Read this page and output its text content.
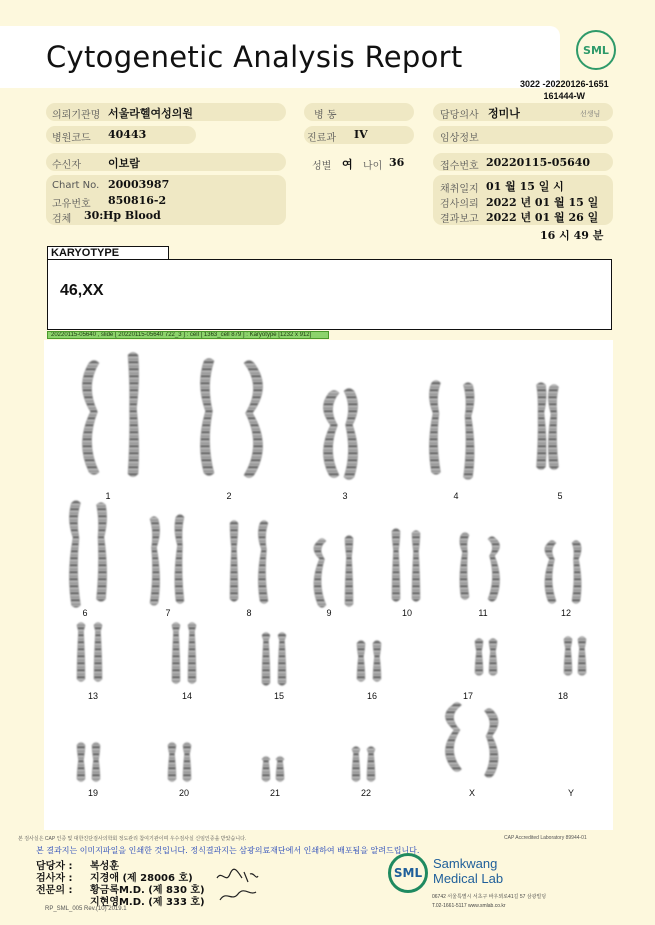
Cytogenetic Analysis Report	SML
3022 -20220126-1651
161444-W
의뢰기관명 서울라헬여성의원	병 동	담당의사 정미나	선생님
병원코드 40443	진료과 IV	임상정보
수신자 이보람	성별 여 나이 36	접수번호 20220115-05640
Chart No. 20003987
고유번호 850816-2
검체 30: Hp Blood
채취일지 01 월 15 일 시
검사의뢰 2022 년 01 월 15 일
결과보고 2022 년 01 월 26 일
16 시 49 분
KARYOTYPE
46,XX
20220115-05640 , slide [ 20220115-05640 722_3 ] : cell [ 1363_cell 879 ] : Karyotype [1232 x 912]
1	2	3	4	5
6	7	8	9	10	11	12
13	14	15	16	17	18
19	20	21	22	X	Y
본 검사실은 CAP 인증 및 대한진단검사의학회 정도관리 참여기관이며 우수검사실 신임인증을 받았습니다.	CAP Accredited Laboratory 89944-01
본 결과지는 이미지파일을 인쇄한 것입니다. 정식결과지는 삼광의료재단에서 인쇄하여 배포됨을 알려드립니다.
담당자 : 복성훈
검사자 : 지경애 (제 28006 호)
전문의 : 황금록M.D. (제 830 호)
지현영M.D. (제 333 호)
SML
Samkwang
Medical Lab
06742 서울특별시 서초구 바우뫼로41길 57 삼광빌딩
T.02-1661-5117 www.smlab.co.kr
RP_SML_005 Rev.(10) 2019.1
